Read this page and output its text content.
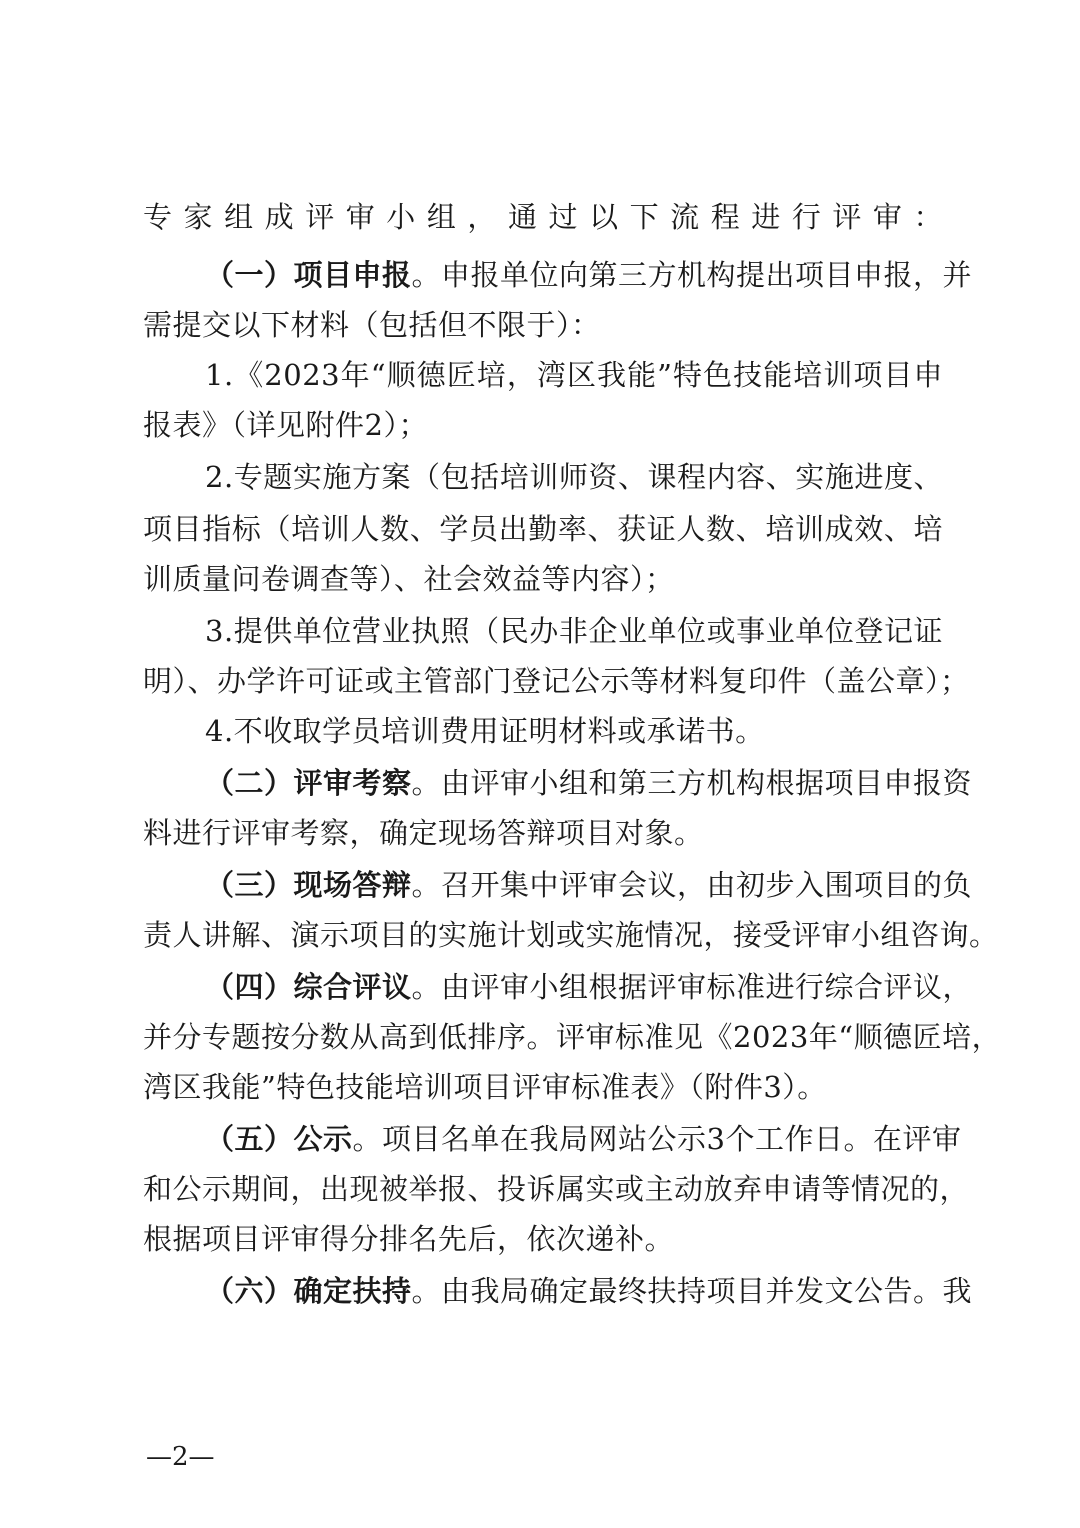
专家组成评审小组，通过以下流程进行评审：
（一）项目申报。申报单位向第三方机构提出项目申报，并
需提交以下材料（包括但不限于）：
1.《2023年“顺德匠培，湾区我能”特色技能培训项目申
报表》（详见附件2）；
2.专题实施方案（包括培训师资、课程内容、实施进度、
项目指标（培训人数、学员出勤率、获证人数、培训成效、培
训质量问卷调查等）、社会效益等内容）；
3.提供单位营业执照（民办非企业单位或事业单位登记证
明）、办学许可证或主管部门登记公示等材料复印件（盖公章）；
4.不收取学员培训费用证明材料或承诺书。
（二）评审考察。由评审小组和第三方机构根据项目申报资
料进行评审考察，确定现场答辩项目对象。
（三）现场答辩。召开集中评审会议，由初步入围项目的负
责人讲解、演示项目的实施计划或实施情况，接受评审小组咨询。
（四）综合评议。由评审小组根据评审标准进行综合评议，
并分专题按分数从高到低排序。评审标准见《2023年“顺德匠培，
湾区我能”特色技能培训项目评审标准表》（附件3）。
（五）公示。项目名单在我局网站公示3个工作日。在评审
和公示期间，出现被举报、投诉属实或主动放弃申请等情况的，
根据项目评审得分排名先后，依次递补。
（六）确定扶持。由我局确定最终扶持项目并发文公告。我
—2—
